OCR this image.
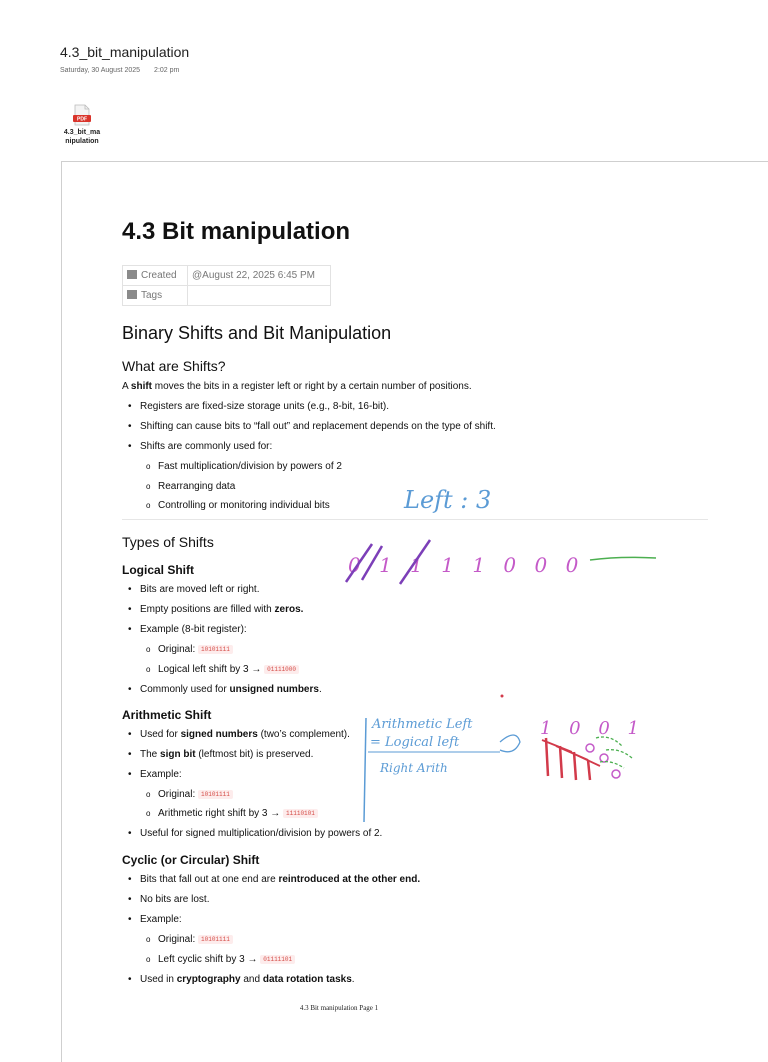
4.3_bit_manipulation
Saturday, 30 August 2025 2:02 pm
PDF
4.3_bit_ma
nipulation
4.3 Bit manipulation
Created	@August 22, 2025 6:45 PM
Tags	
Binary Shifts and Bit Manipulation
What are Shifts?

A shift moves the bits in a register left or right by a certain number of positions.

• Registers are fixed-size storage units (e.g., 8-bit, 16-bit).
• Shifting can cause bits to “fall out” and replacement depends on the type of shift.
• Shifts are commonly used for:
o Fast multiplication/division by powers of 2
o Rearranging data
o Controlling or monitoring individual bits
Types of Shifts
Logical Shift
• Bits are moved left or right.
• Empty positions are filled with zeros.
• Example (8-bit register):
o Original: 10101111
o Logical left shift by 3 → 01111000
• Commonly used for unsigned numbers.
Arithmetic Shift
• Used for signed numbers (two’s complement).
• The sign bit (leftmost bit) is preserved.
• Example:
o Original: 10101111
o Arithmetic right shift by 3 → 11110101
• Useful for signed multiplication/division by powers of 2.
Cyclic (or Circular) Shift
• Bits that fall out at one end are reintroduced at the other end.
• No bits are lost.
• Example:
o Original: 10101111
o Left cyclic shift by 3 → 01111101
• Used in cryptography and data rotation tasks.
Left : 3
0 1 1 1 1 0 0 0
Arithmetic Left
= Logical left
Right Arith
1 0 0 1
4.3 Bit manipulation Page 1
